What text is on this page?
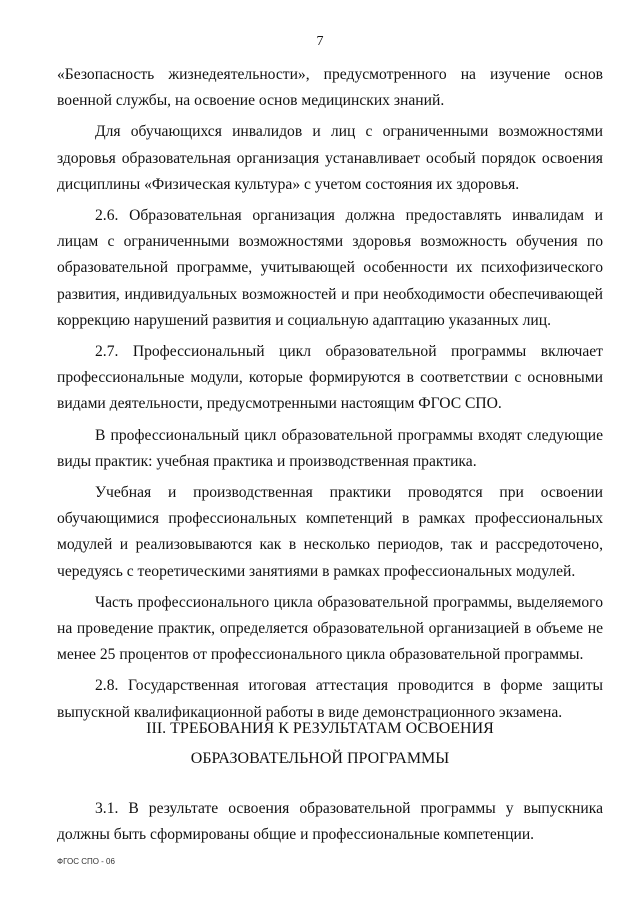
7

«Безопасность жизнедеятельности», предусмотренного на изучение основ военной службы, на освоение основ медицинских знаний.

Для обучающихся инвалидов и лиц с ограниченными возможностями здоровья образовательная организация устанавливает особый порядок освоения дисциплины «Физическая культура» с учетом состояния их здоровья.

2.6. Образовательная организация должна предоставлять инвалидам и лицам с ограниченными возможностями здоровья возможность обучения по образовательной программе, учитывающей особенности их психофизического развития, индивидуальных возможностей и при необходимости обеспечивающей коррекцию нарушений развития и социальную адаптацию указанных лиц.

2.7. Профессиональный цикл образовательной программы включает профессиональные модули, которые формируются в соответствии с основными видами деятельности, предусмотренными настоящим ФГОС СПО.

В профессиональный цикл образовательной программы входят следующие виды практик: учебная практика и производственная практика.

Учебная и производственная практики проводятся при освоении обучающимися профессиональных компетенций в рамках профессиональных модулей и реализовываются как в несколько периодов, так и рассредоточено, чередуясь с теоретическими занятиями в рамках профессиональных модулей.

Часть профессионального цикла образовательной программы, выделяемого на проведение практик, определяется образовательной организацией в объеме не менее 25 процентов от профессионального цикла образовательной программы.

2.8. Государственная итоговая аттестация проводится в форме защиты выпускной квалификационной работы в виде демонстрационного экзамена.

III. ТРЕБОВАНИЯ К РЕЗУЛЬТАТАМ ОСВОЕНИЯ
ОБРАЗОВАТЕЛЬНОЙ ПРОГРАММЫ

3.1. В результате освоения образовательной программы у выпускника должны быть сформированы общие и профессиональные компетенции.

ФГОС СПО - 06
